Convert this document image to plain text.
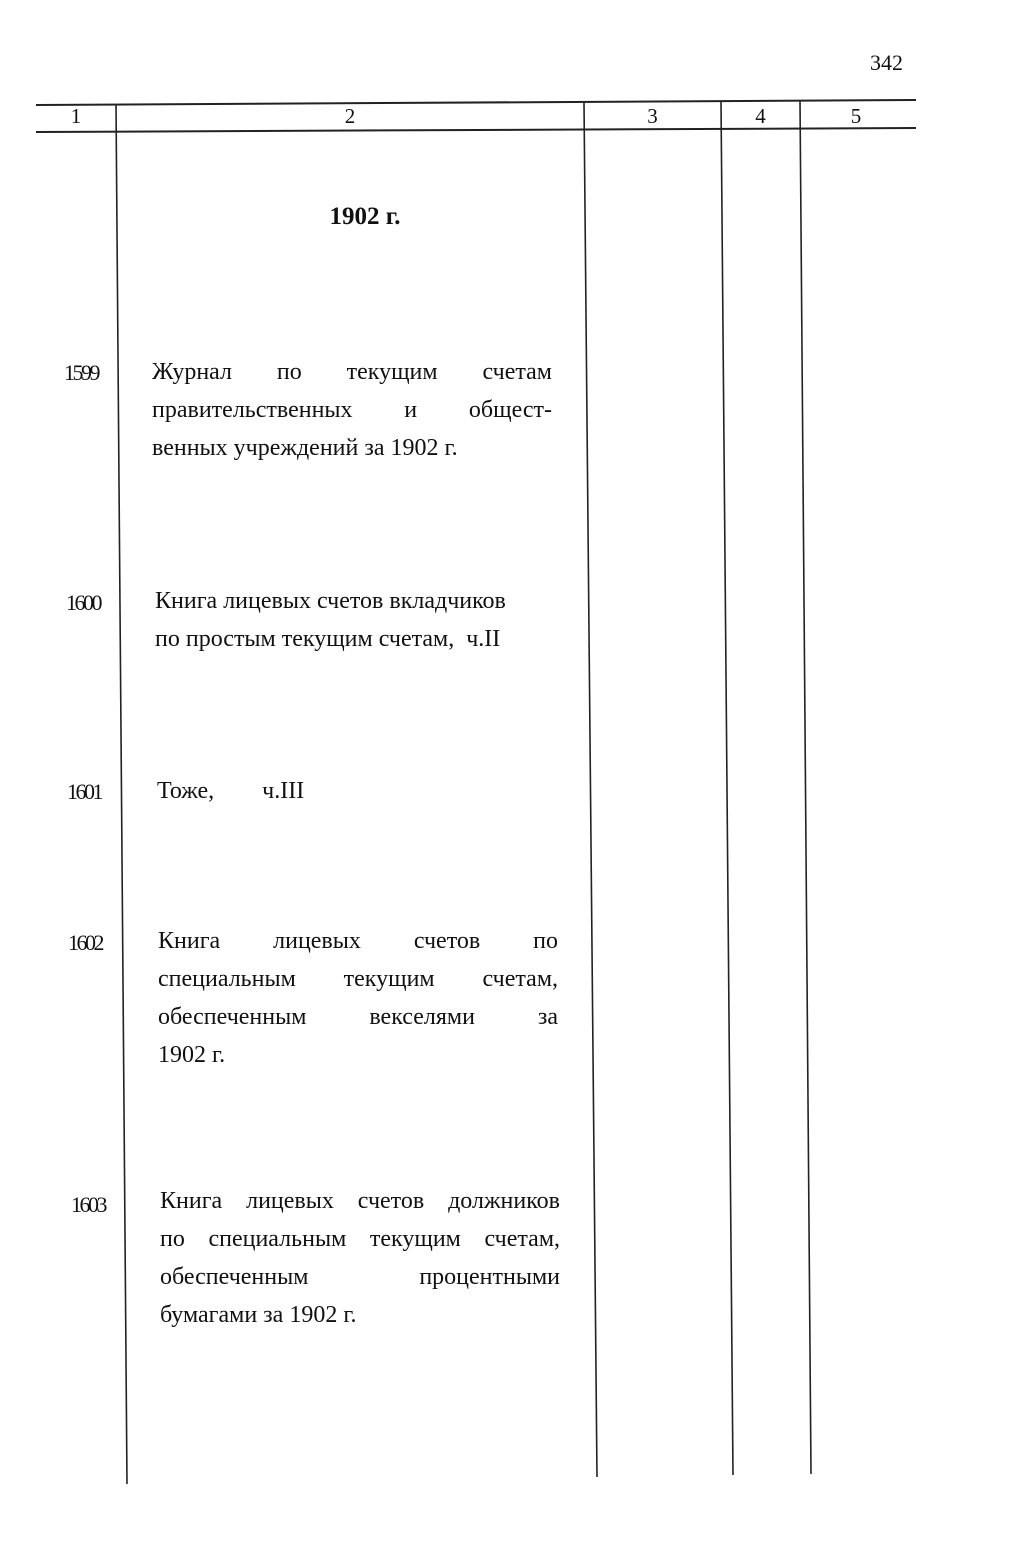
342
1	2	3	4	5
1902 г.
1599 Журнал по текущим счетам
правительственных и общест-
венных учреждений за 1902 г.
1600 Книга лицевых счетов вкладчиков
по простым текущим счетам,  ч.II
1601 Тоже,        ч.III
1602 Книга лицевых счетов по
специальным текущим счетам,
обеспеченным векселями за
1902 г.
1603 Книга лицевых счетов должников
по специальным текущим счетам,
обеспеченным процентными
бумагами за 1902 г.
